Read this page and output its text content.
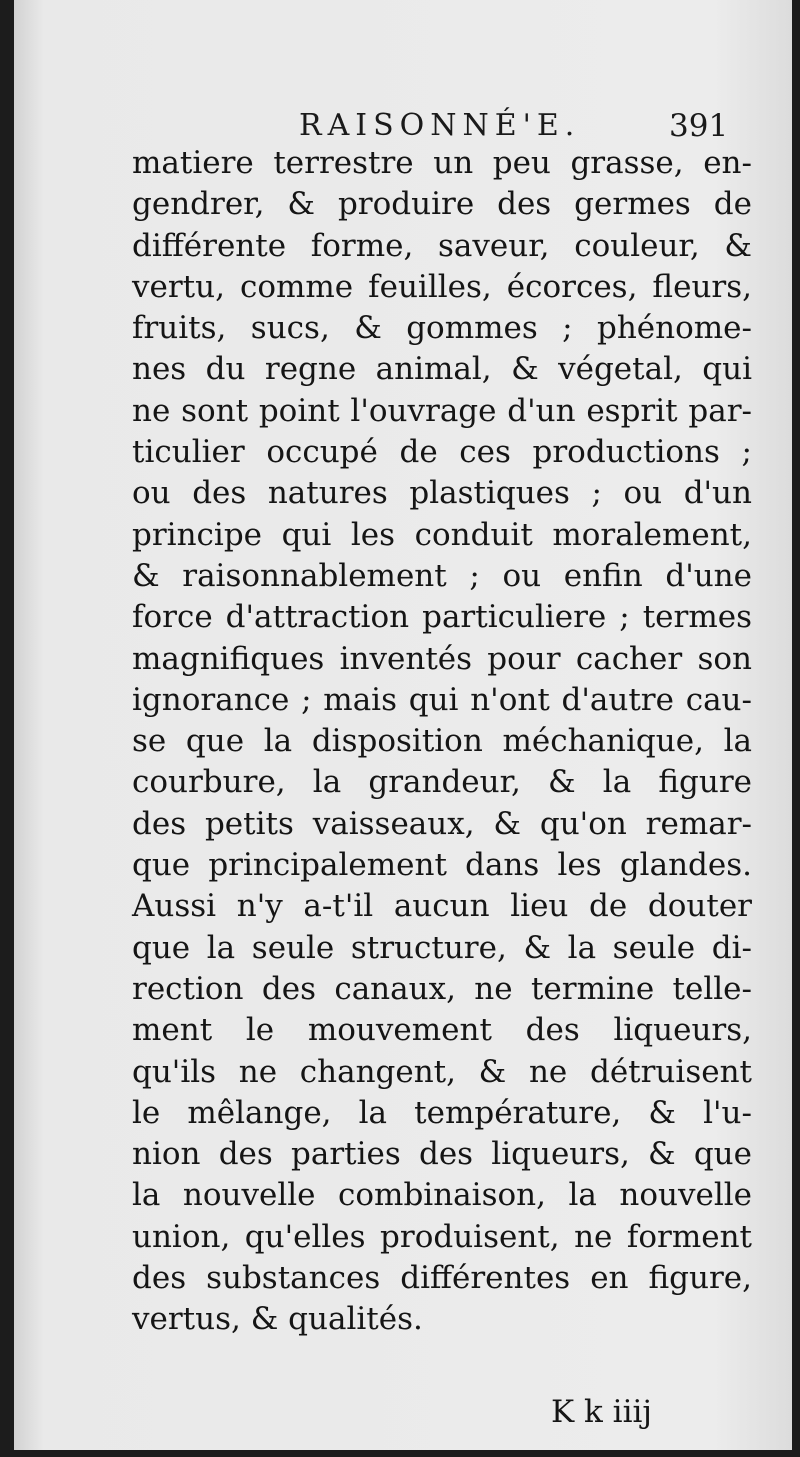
RAISONNÉ'E.	391
matiere terrestre un peu grasse, en-
gendrer, & produire des germes de
différente forme, saveur, couleur, &
vertu, comme feuilles, écorces, fleurs,
fruits, sucs, & gommes ; phénome-
nes du regne animal, & végetal, qui
ne sont point l'ouvrage d'un esprit par-
ticulier occupé de ces productions ;
ou des natures plastiques ; ou d'un
principe qui les conduit moralement,
& raisonnablement ; ou enfin d'une
force d'attraction particuliere ; termes
magnifiques inventés pour cacher son
ignorance ; mais qui n'ont d'autre cau-
se que la disposition méchanique, la
courbure, la grandeur, & la figure
des petits vaisseaux, & qu'on remar-
que principalement dans les glandes.
Aussi n'y a-t'il aucun lieu de douter
que la seule structure, & la seule di-
rection des canaux, ne termine telle-
ment le mouvement des liqueurs,
qu'ils ne changent, & ne détruisent
le mêlange, la température, & l'u-
nion des parties des liqueurs, & que
la nouvelle combinaison, la nouvelle
union, qu'elles produisent, ne forment
des substances différentes en figure,
vertus, & qualités.
K k iiij
